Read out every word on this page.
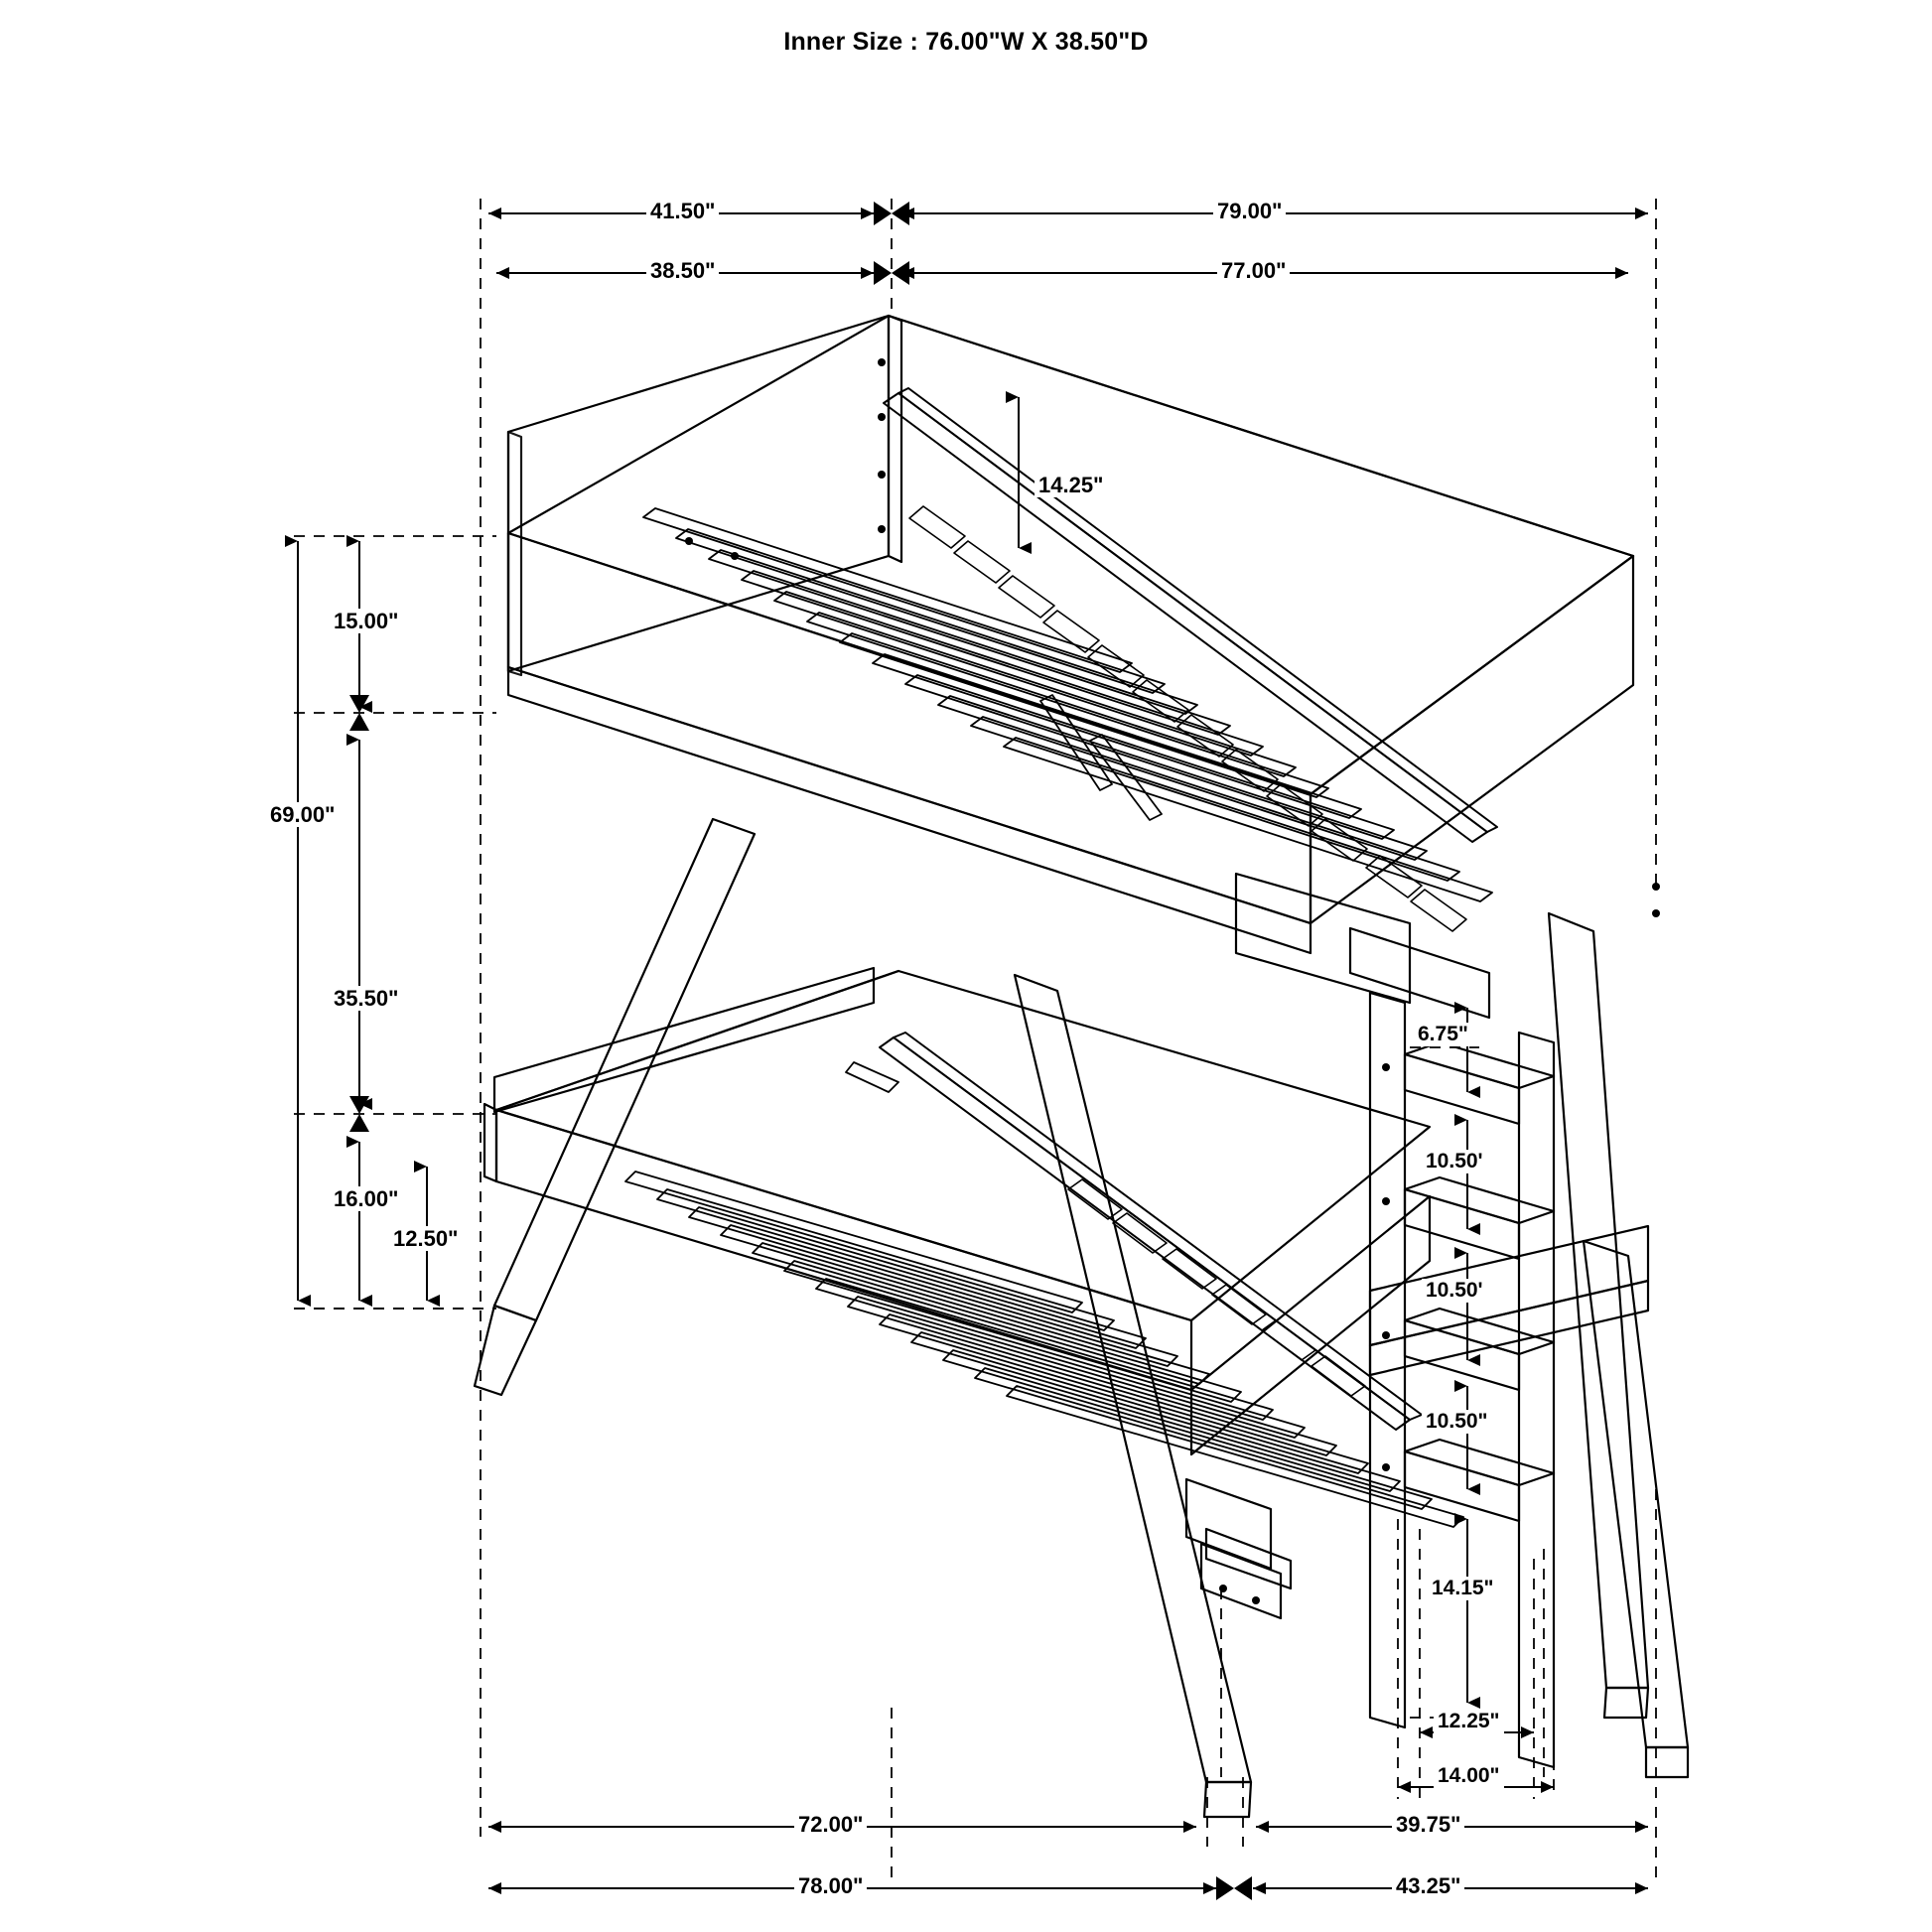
Inner Size : 76.00"W X 38.50"D
41.50"	79.00"
38.50"	77.00"
14.25"
15.00"
69.00"
35.50"
16.00"
12.50"
6.75"
10.50'
10.50'
10.50"
14.15"
12.25"
14.00"
72.00"	39.75"
78.00"	43.25"
